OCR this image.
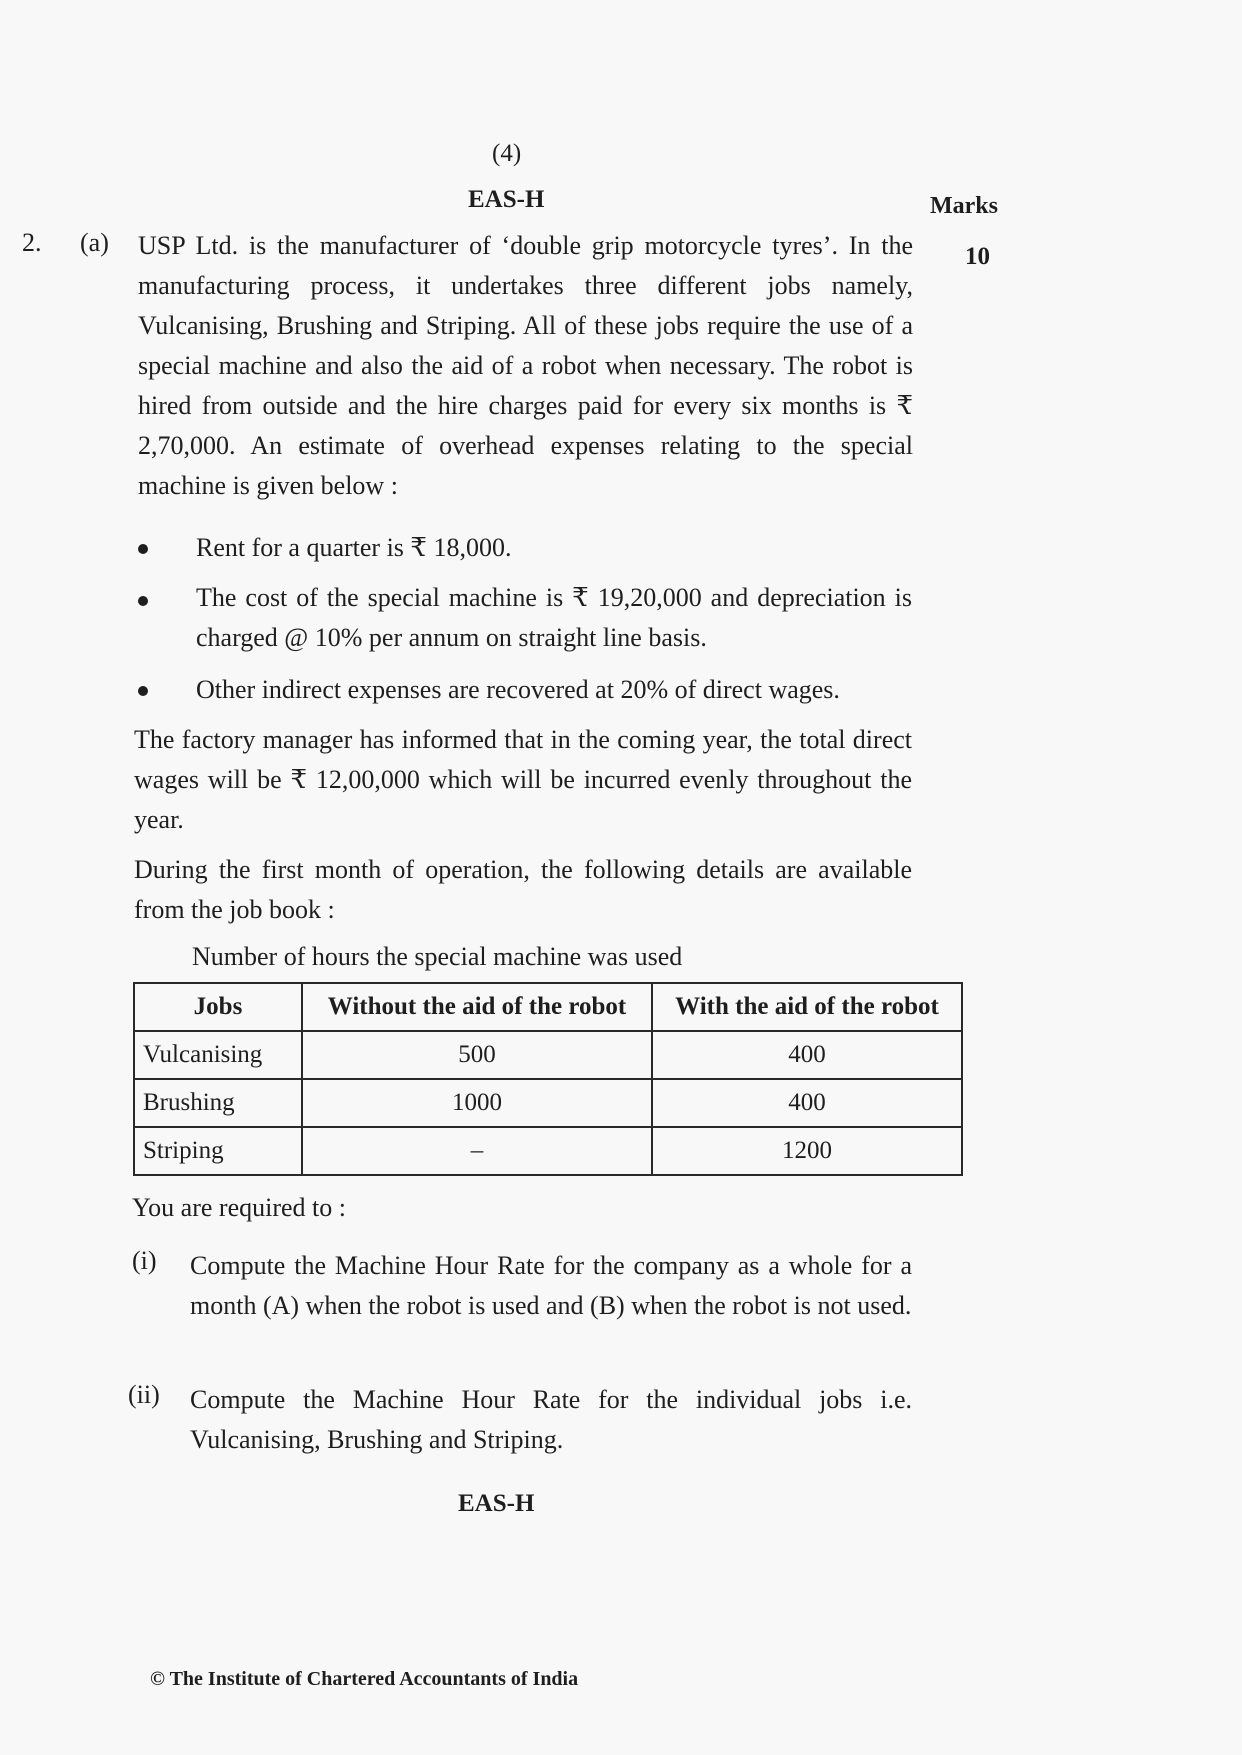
(4)
EAS-H	Marks
10
2. (a) USP Ltd. is the manufacturer of ‘double grip motorcycle tyres’. In the manufacturing process, it undertakes three different jobs namely, Vulcanising, Brushing and Striping. All of these jobs require the use of a special machine and also the aid of a robot when necessary. The robot is hired from outside and the hire charges paid for every six months is ₹ 2,70,000. An estimate of overhead expenses relating to the special machine is given below :
Rent for a quarter is ₹ 18,000.
The cost of the special machine is ₹ 19,20,000 and depreciation is charged @ 10% per annum on straight line basis.
Other indirect expenses are recovered at 20% of direct wages.
The factory manager has informed that in the coming year, the total direct wages will be ₹ 12,00,000 which will be incurred evenly throughout the year.
During the first month of operation, the following details are available from the job book :
Number of hours the special machine was used
Jobs	Without the aid of the robot	With the aid of the robot
Vulcanising	500	400
Brushing	1000	400
Striping	–	1200
You are required to :
(i) Compute the Machine Hour Rate for the company as a whole for a month (A) when the robot is used and (B) when the robot is not used.
(ii) Compute the Machine Hour Rate for the individual jobs i.e. Vulcanising, Brushing and Striping.
EAS-H
© The Institute of Chartered Accountants of India
